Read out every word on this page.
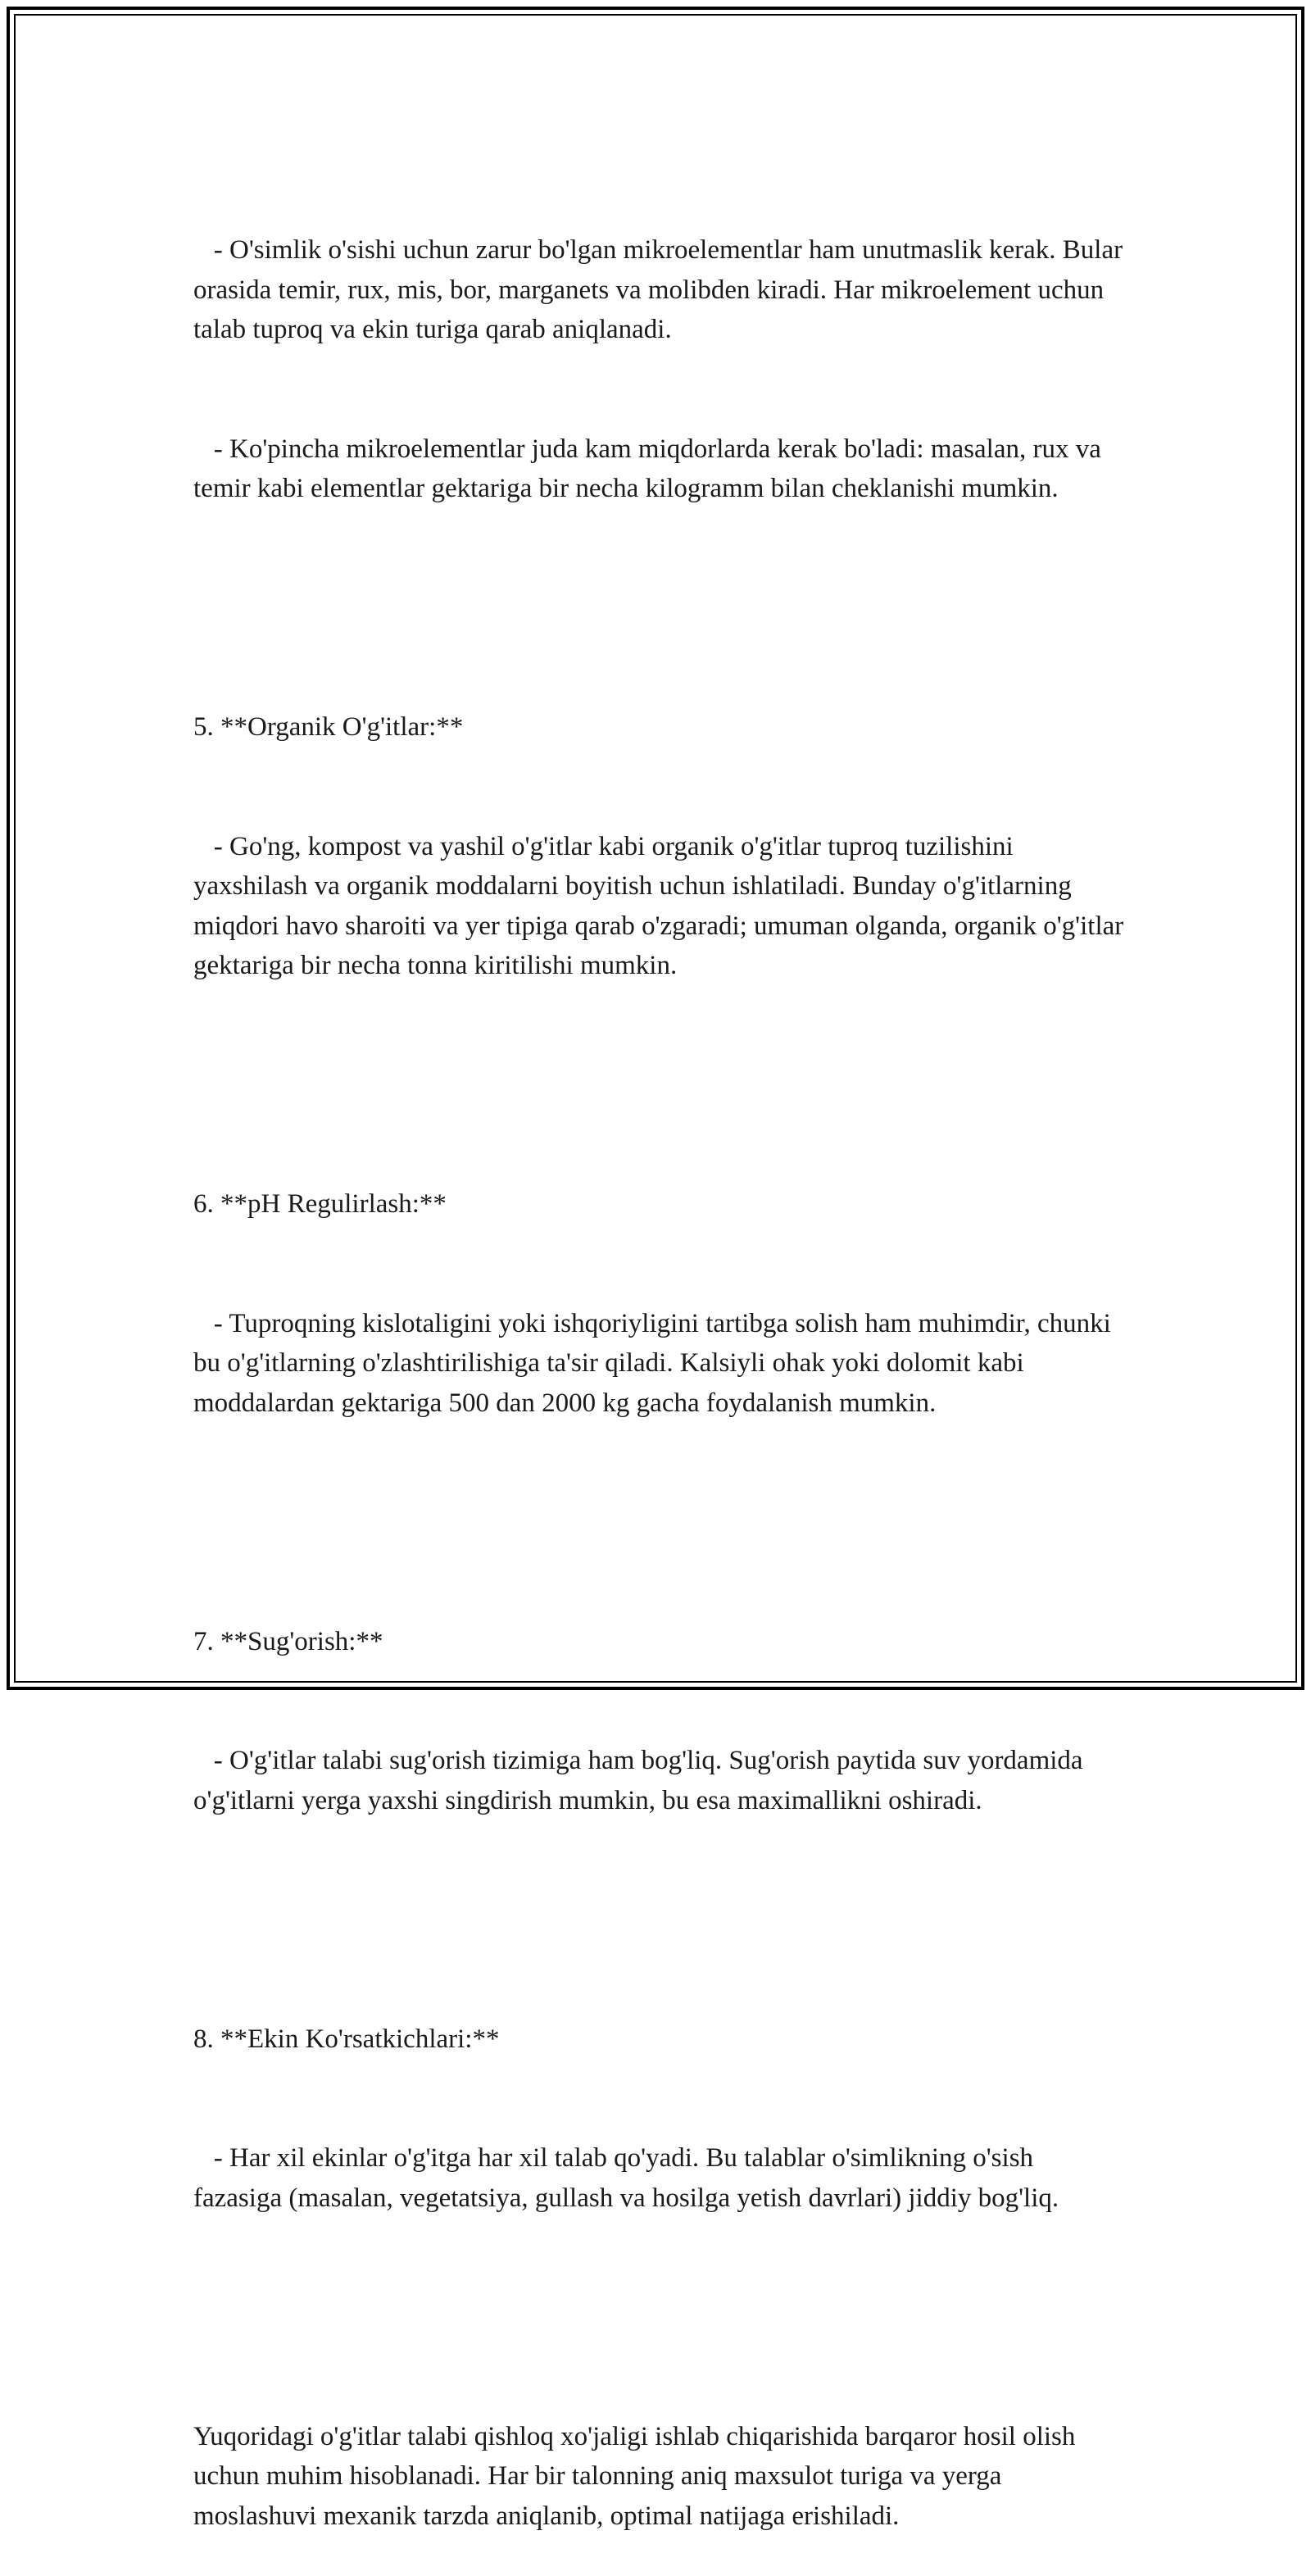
- O'simlik o'sishi uchun zarur bo'lgan mikroelementlar ham unutmaslik kerak. Bular orasida temir, rux, mis, bor, marganets va molibden kiradi. Har mikroelement uchun talab tuproq va ekin turiga qarab aniqlanadi.

- Ko'pincha mikroelementlar juda kam miqdorlarda kerak bo'ladi: masalan, rux va temir kabi elementlar gektariga bir necha kilogramm bilan cheklanishi mumkin.

5. **Organik O'g'itlar:**

- Go'ng, kompost va yashil o'g'itlar kabi organik o'g'itlar tuproq tuzilishini yaxshilash va organik moddalarni boyitish uchun ishlatiladi. Bunday o'g'itlarning miqdori havo sharoiti va yer tipiga qarab o'zgaradi; umuman olganda, organik o'g'itlar gektariga bir necha tonna kiritilishi mumkin.

6. **pH Regulirlash:**

- Tuproqning kislotaligini yoki ishqoriyligini tartibga solish ham muhimdir, chunki bu o'g'itlarning o'zlashtirilishiga ta'sir qiladi. Kalsiyli ohak yoki dolomit kabi moddalardan gektariga 500 dan 2000 kg gacha foydalanish mumkin.

7. **Sug'orish:**

- O'g'itlar talabi sug'orish tizimiga ham bog'liq. Sug'orish paytida suv yordamida o'g'itlarni yerga yaxshi singdirish mumkin, bu esa maximallikni oshiradi.

8. **Ekin Ko'rsatkichlari:**

- Har xil ekinlar o'g'itga har xil talab qo'yadi. Bu talablar o'simlikning o'sish fazasiga (masalan, vegetatsiya, gullash va hosilga yetish davrlari) jiddiy bog'liq.

Yuqoridagi o'g'itlar talabi qishloq xo'jaligi ishlab chiqarishida barqaror hosil olish uchun muhim hisoblanadi. Har bir talonning aniq maxsulot turiga va yerga moslashuvi mexanik tarzda aniqlanib, optimal natijaga erishiladi.
